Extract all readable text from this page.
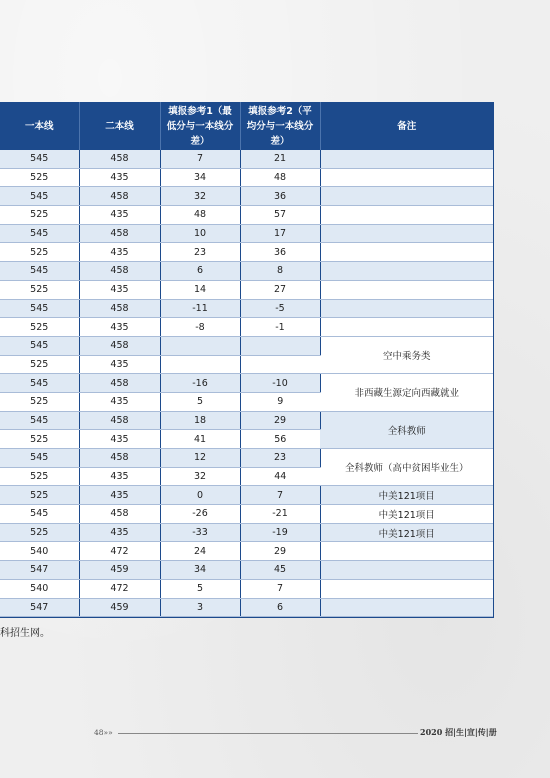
一本线	二本线	填报参考1（最低分与一本线分差）	填报参考2（平均分与一本线分差）	备注
545	458	7	21	
525	435	34	48	
545	458	32	36	
525	435	48	57	
545	458	10	17	
525	435	23	36	
545	458	6	8	
525	435	14	27	
545	458	-11	-5	
525	435	-8	-1	
545	458			空中乘务类
525	435			
545	458	-16	-10	非西藏生源定向西藏就业
525	435	5	9	
545	458	18	29	全科教师
525	435	41	56	
545	458	12	23	全科教师（高中贫困毕业生）
525	435	32	44	
525	435	0	7	中美121项目
545	458	-26	-21	中美121项目
525	435	-33	-19	中美121项目
540	472	24	29	
547	459	34	45	
540	472	5	7	
547	459	3	6	
科招生网。
48»»	2020 招|生|宣|传|册
